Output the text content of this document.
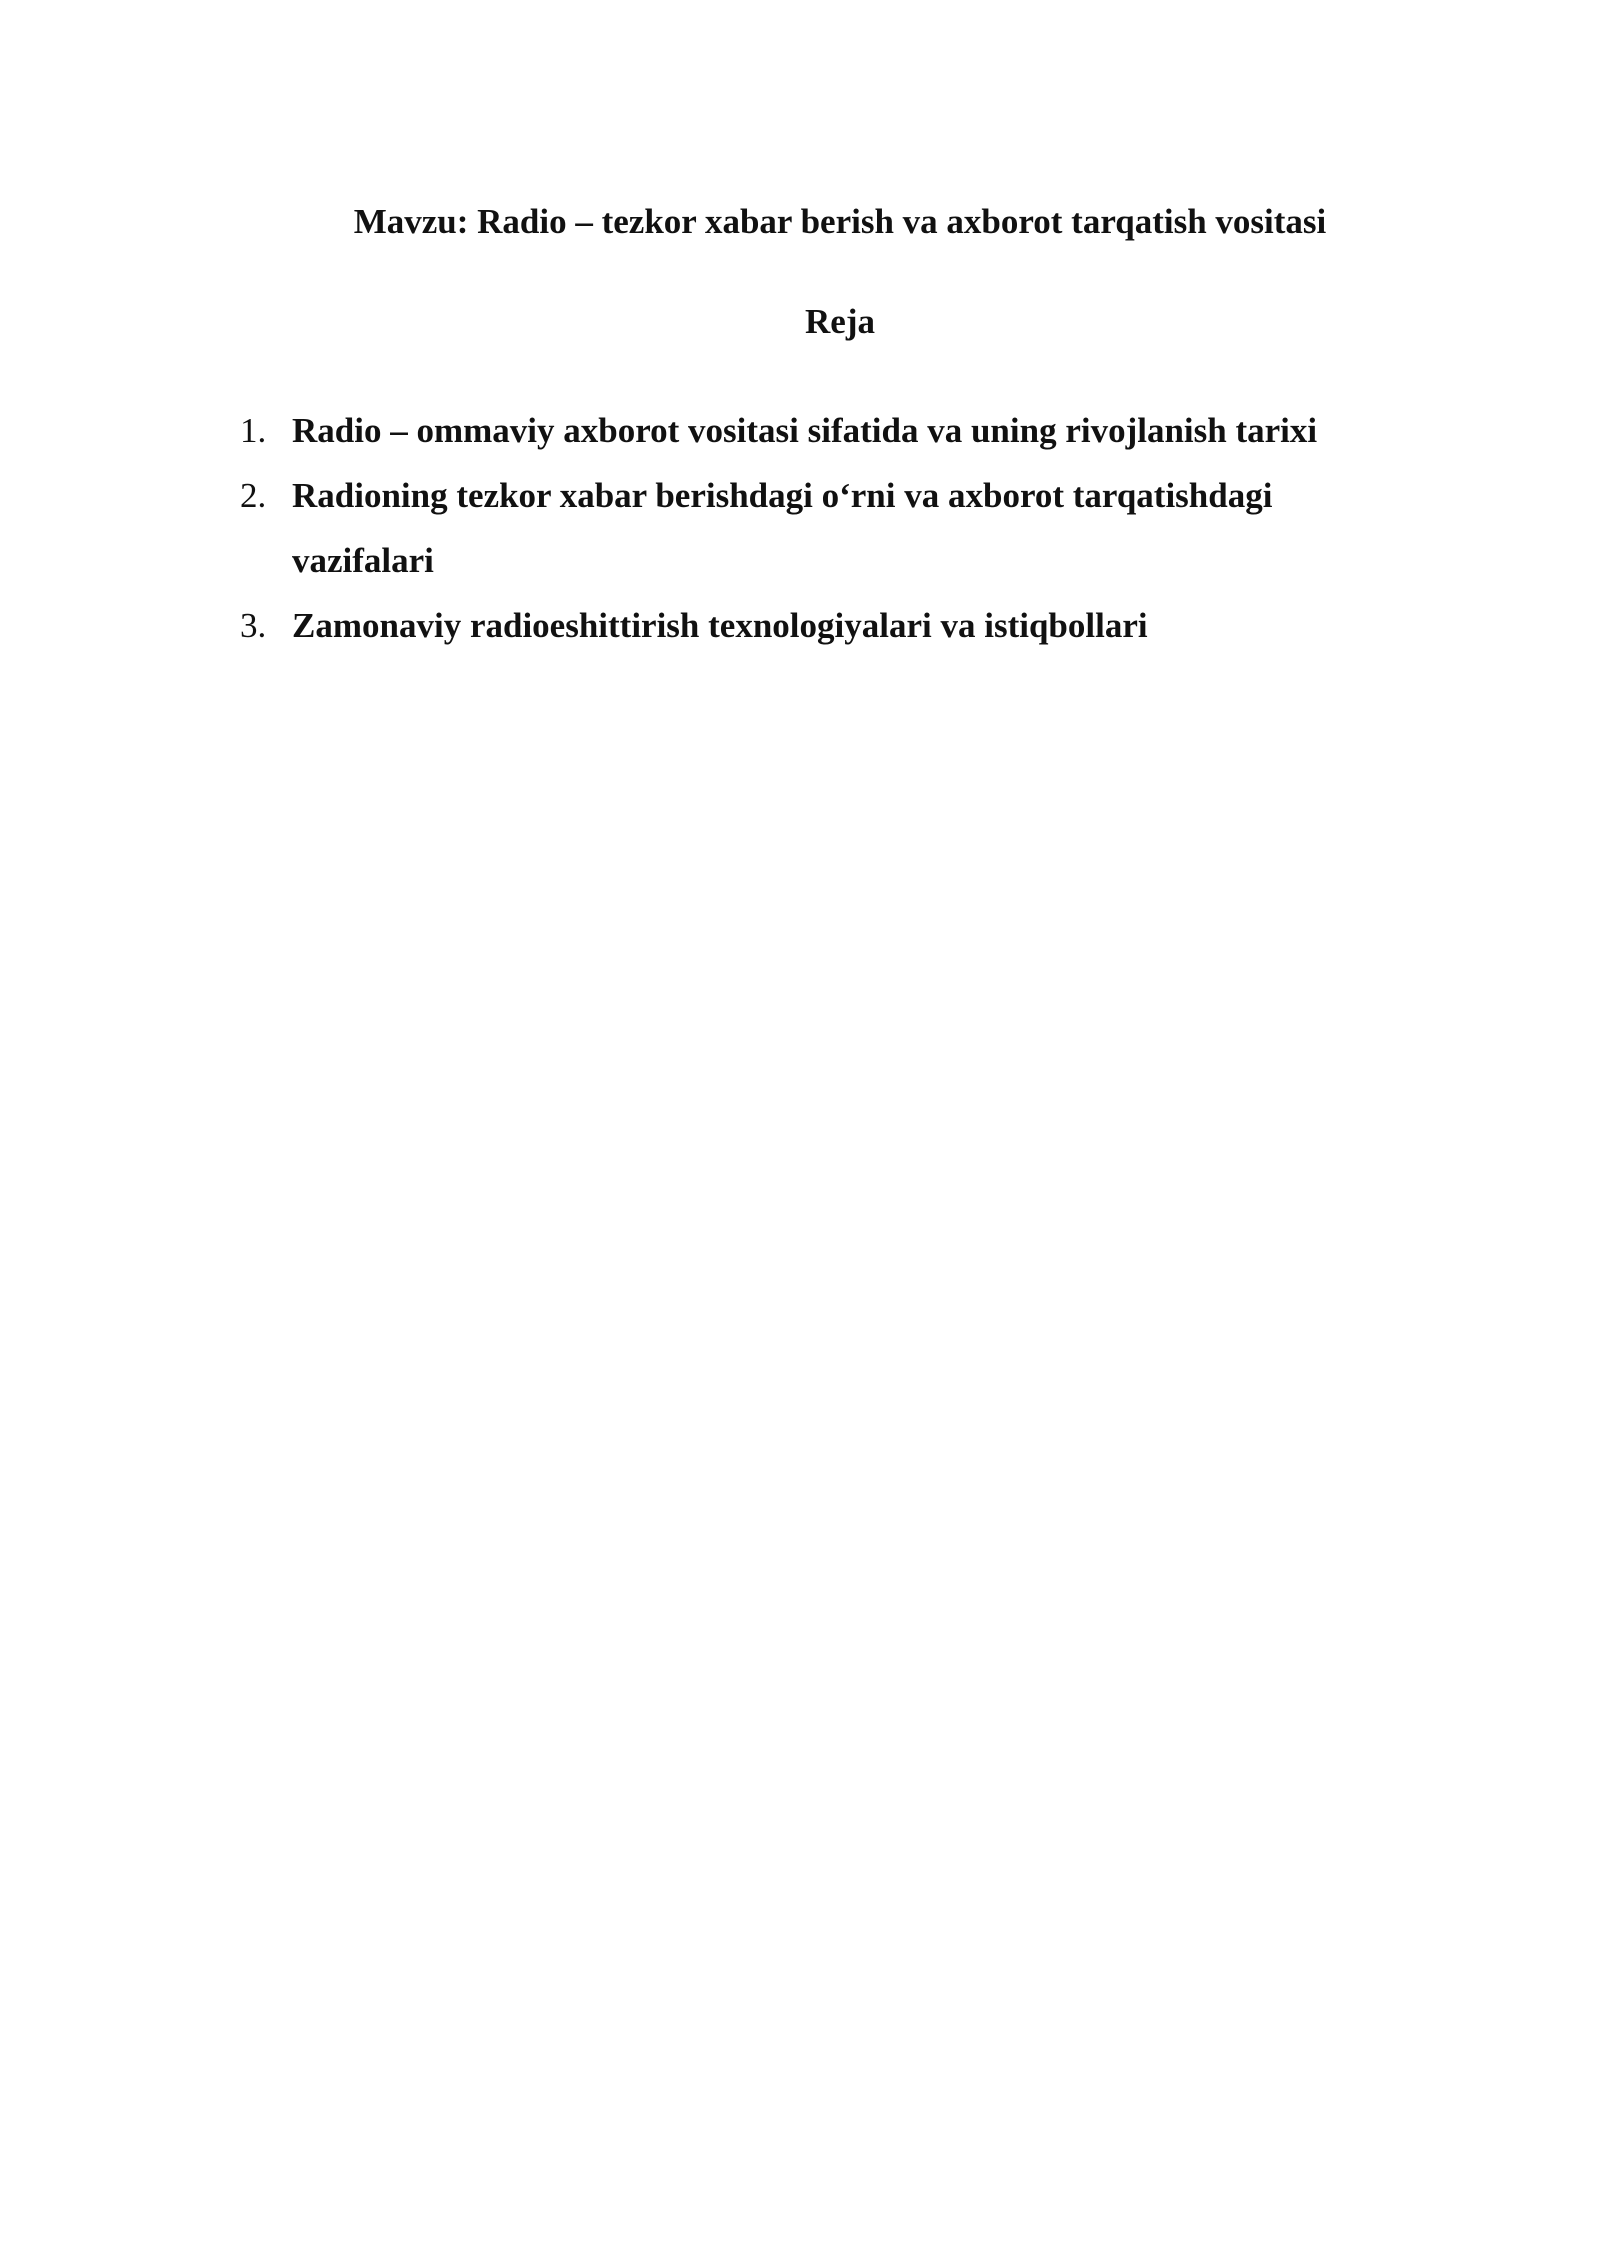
Mavzu: Radio – tezkor xabar berish va axborot tarqatish vositasi
Reja
1. Radio – ommaviy axborot vositasi sifatida va uning rivojlanish tarixi
2. Radioning tezkor xabar berishdagi o‘rni va axborot tarqatishdagi vazifalari
3. Zamonaviy radioeshittirish texnologiyalari va istiqbollari
